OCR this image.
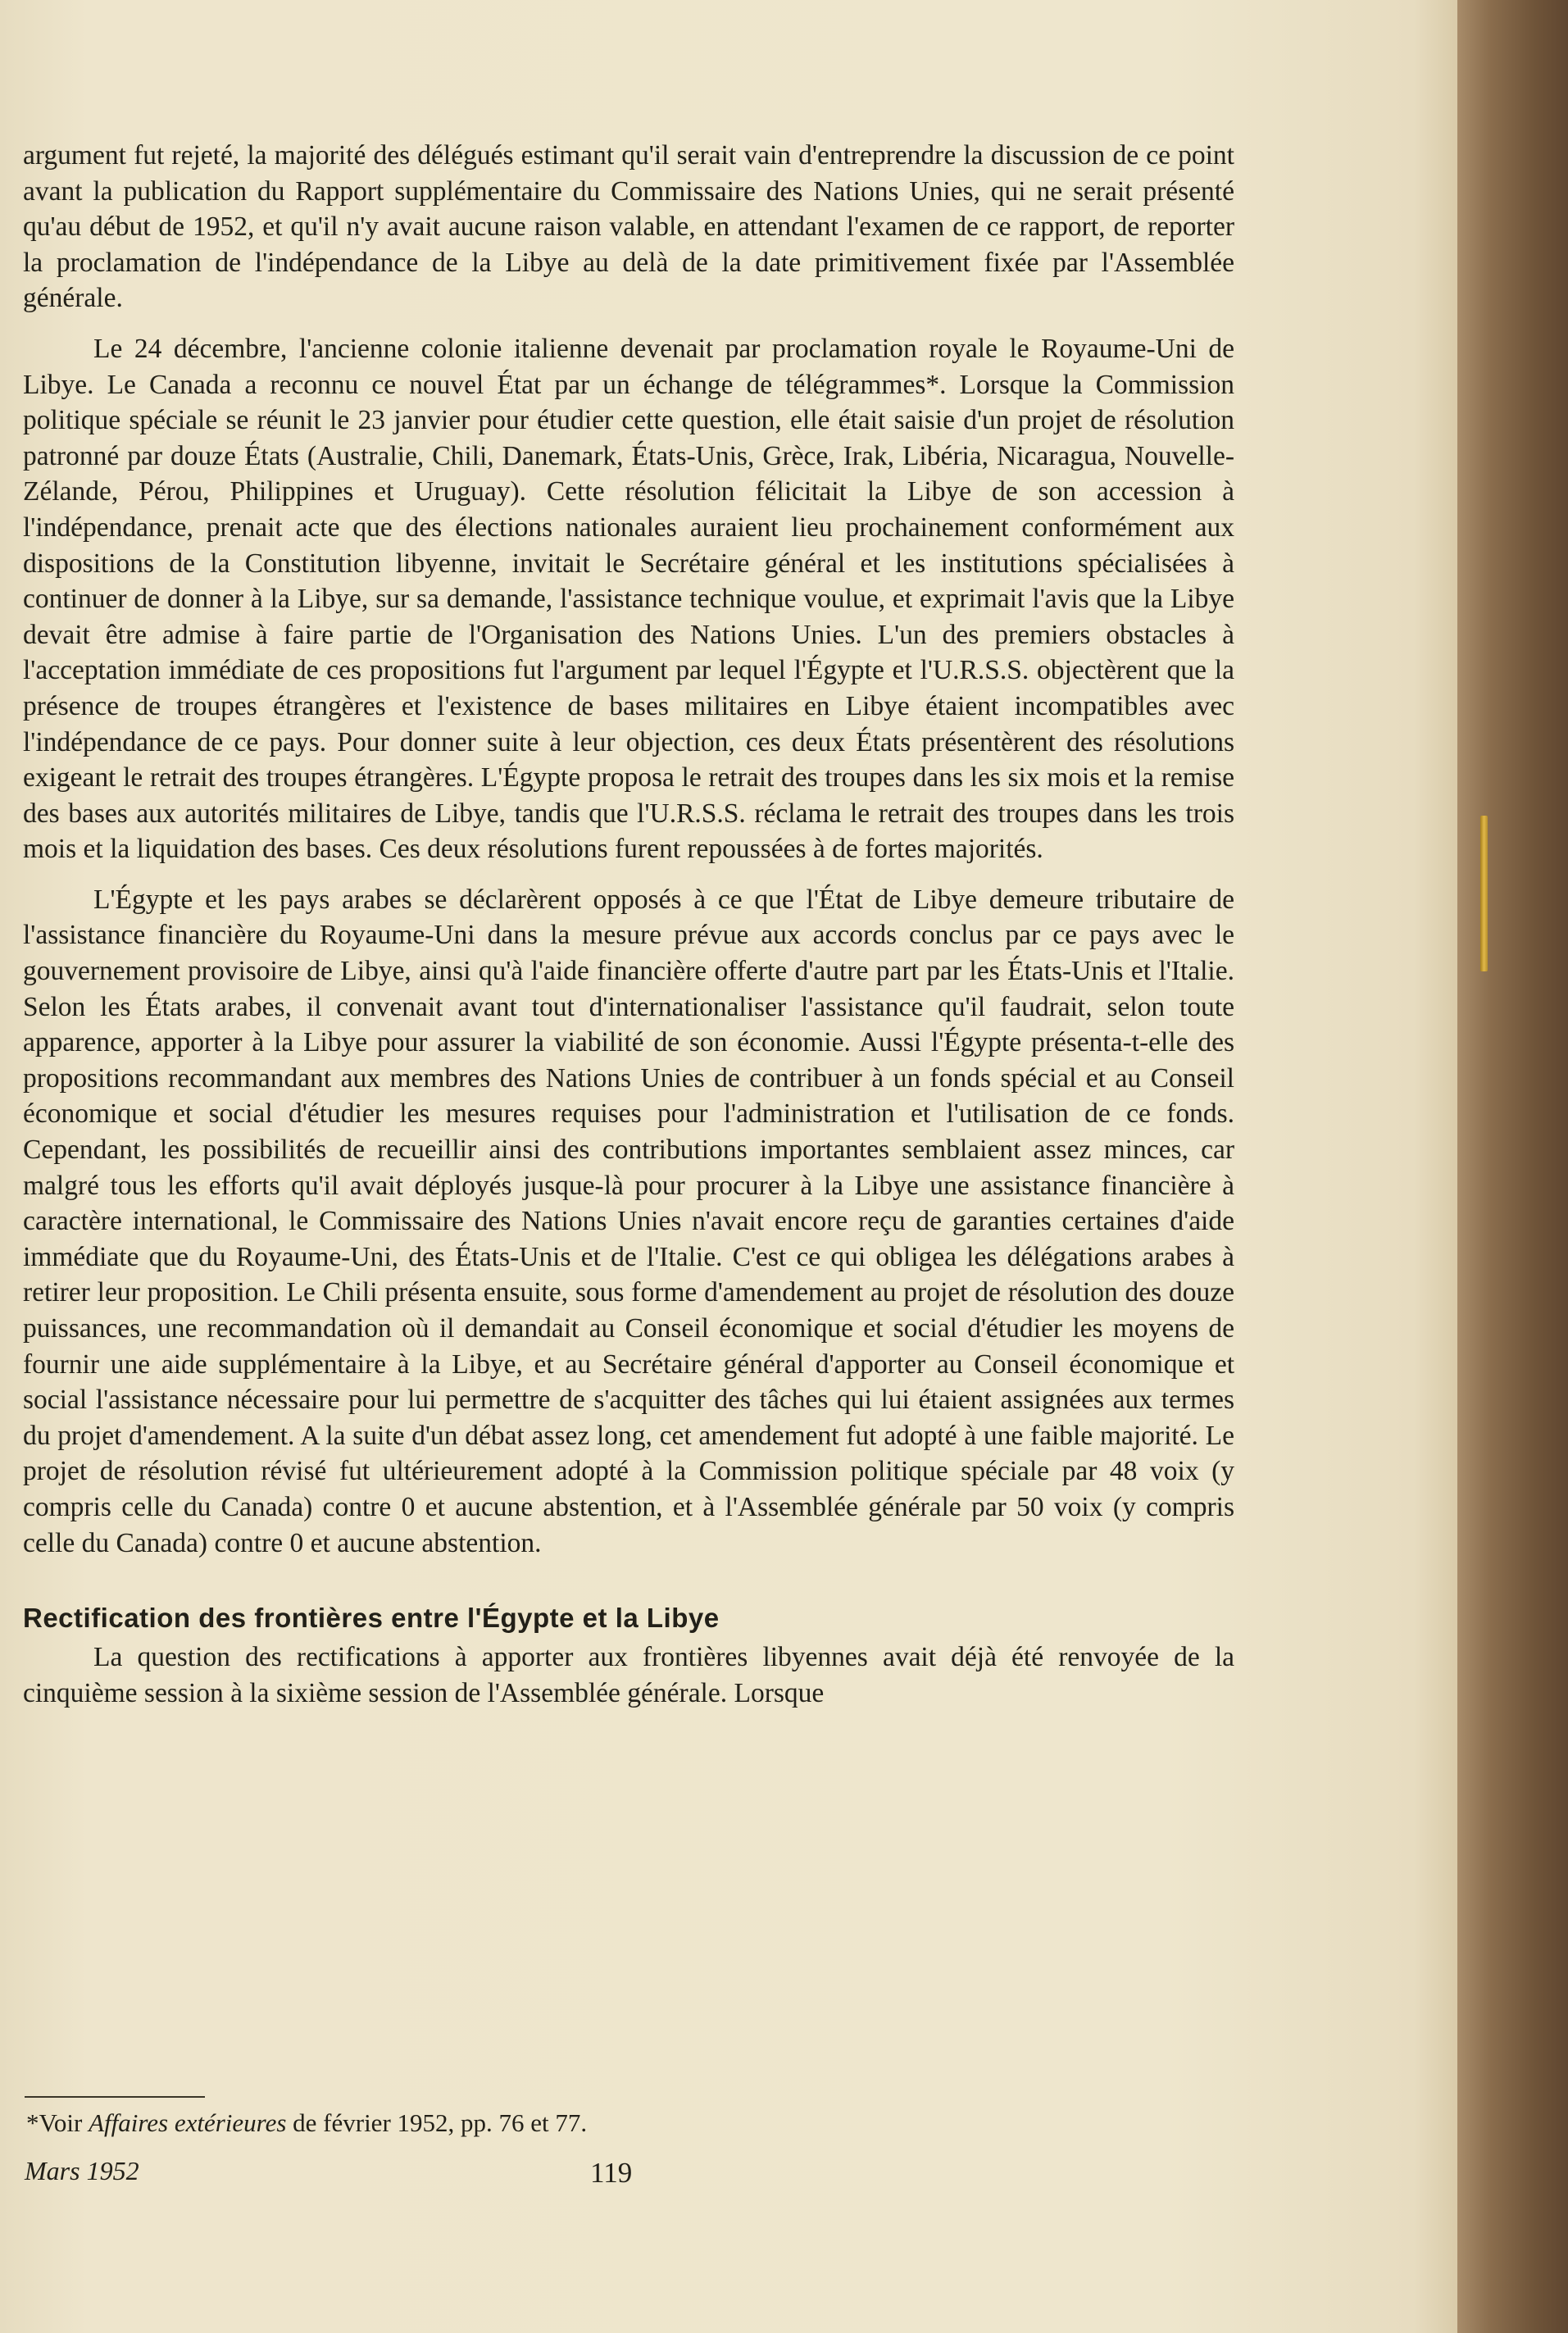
argument fut rejeté, la majorité des délégués estimant qu'il serait vain d'entreprendre la discussion de ce point avant la publication du Rapport supplémentaire du Commissaire des Nations Unies, qui ne serait présenté qu'au début de 1952, et qu'il n'y avait aucune raison valable, en attendant l'examen de ce rapport, de reporter la proclamation de l'indépendance de la Libye au delà de la date primitivement fixée par l'Assemblée générale.

Le 24 décembre, l'ancienne colonie italienne devenait par proclamation royale le Royaume-Uni de Libye. Le Canada a reconnu ce nouvel État par un échange de télégrammes*. Lorsque la Commission politique spéciale se réunit le 23 janvier pour étudier cette question, elle était saisie d'un projet de résolution patronné par douze États (Australie, Chili, Danemark, États-Unis, Grèce, Irak, Libéria, Nicaragua, Nouvelle-Zélande, Pérou, Philippines et Uruguay). Cette résolution félicitait la Libye de son accession à l'indépendance, prenait acte que des élections nationales auraient lieu prochainement conformément aux dispositions de la Constitution libyenne, invitait le Secrétaire général et les institutions spécialisées à continuer de donner à la Libye, sur sa demande, l'assistance technique voulue, et exprimait l'avis que la Libye devait être admise à faire partie de l'Organisation des Nations Unies. L'un des premiers obstacles à l'acceptation immédiate de ces propositions fut l'argument par lequel l'Égypte et l'U.R.S.S. objectèrent que la présence de troupes étrangères et l'existence de bases militaires en Libye étaient incompatibles avec l'indépendance de ce pays. Pour donner suite à leur objection, ces deux États présentèrent des résolutions exigeant le retrait des troupes étrangères. L'Égypte proposa le retrait des troupes dans les six mois et la remise des bases aux autorités militaires de Libye, tandis que l'U.R.S.S. réclama le retrait des troupes dans les trois mois et la liquidation des bases. Ces deux résolutions furent repoussées à de fortes majorités.

L'Égypte et les pays arabes se déclarèrent opposés à ce que l'État de Libye demeure tributaire de l'assistance financière du Royaume-Uni dans la mesure prévue aux accords conclus par ce pays avec le gouvernement provisoire de Libye, ainsi qu'à l'aide financière offerte d'autre part par les États-Unis et l'Italie. Selon les États arabes, il convenait avant tout d'internationaliser l'assistance qu'il faudrait, selon toute apparence, apporter à la Libye pour assurer la viabilité de son économie. Aussi l'Égypte présenta-t-elle des propositions recommandant aux membres des Nations Unies de contribuer à un fonds spécial et au Conseil économique et social d'étudier les mesures requises pour l'administration et l'utilisation de ce fonds. Cependant, les possibilités de recueillir ainsi des contributions importantes semblaient assez minces, car malgré tous les efforts qu'il avait déployés jusque-là pour procurer à la Libye une assistance financière à caractère international, le Commissaire des Nations Unies n'avait encore reçu de garanties certaines d'aide immédiate que du Royaume-Uni, des États-Unis et de l'Italie. C'est ce qui obligea les délégations arabes à retirer leur proposition. Le Chili présenta ensuite, sous forme d'amendement au projet de résolution des douze puissances, une recommandation où il demandait au Conseil économique et social d'étudier les moyens de fournir une aide supplémentaire à la Libye, et au Secrétaire général d'apporter au Conseil économique et social l'assistance nécessaire pour lui permettre de s'acquitter des tâches qui lui étaient assignées aux termes du projet d'amendement. A la suite d'un débat assez long, cet amendement fut adopté à une faible majorité. Le projet de résolution révisé fut ultérieurement adopté à la Commission politique spéciale par 48 voix (y compris celle du Canada) contre 0 et aucune abstention, et à l'Assemblée générale par 50 voix (y compris celle du Canada) contre 0 et aucune abstention.

Rectification des frontières entre l'Égypte et la Libye

La question des rectifications à apporter aux frontières libyennes avait déjà été renvoyée de la cinquième session à la sixième session de l'Assemblée générale. Lorsque

*Voir Affaires extérieures de février 1952, pp. 76 et 77.
Mars 1952	119
